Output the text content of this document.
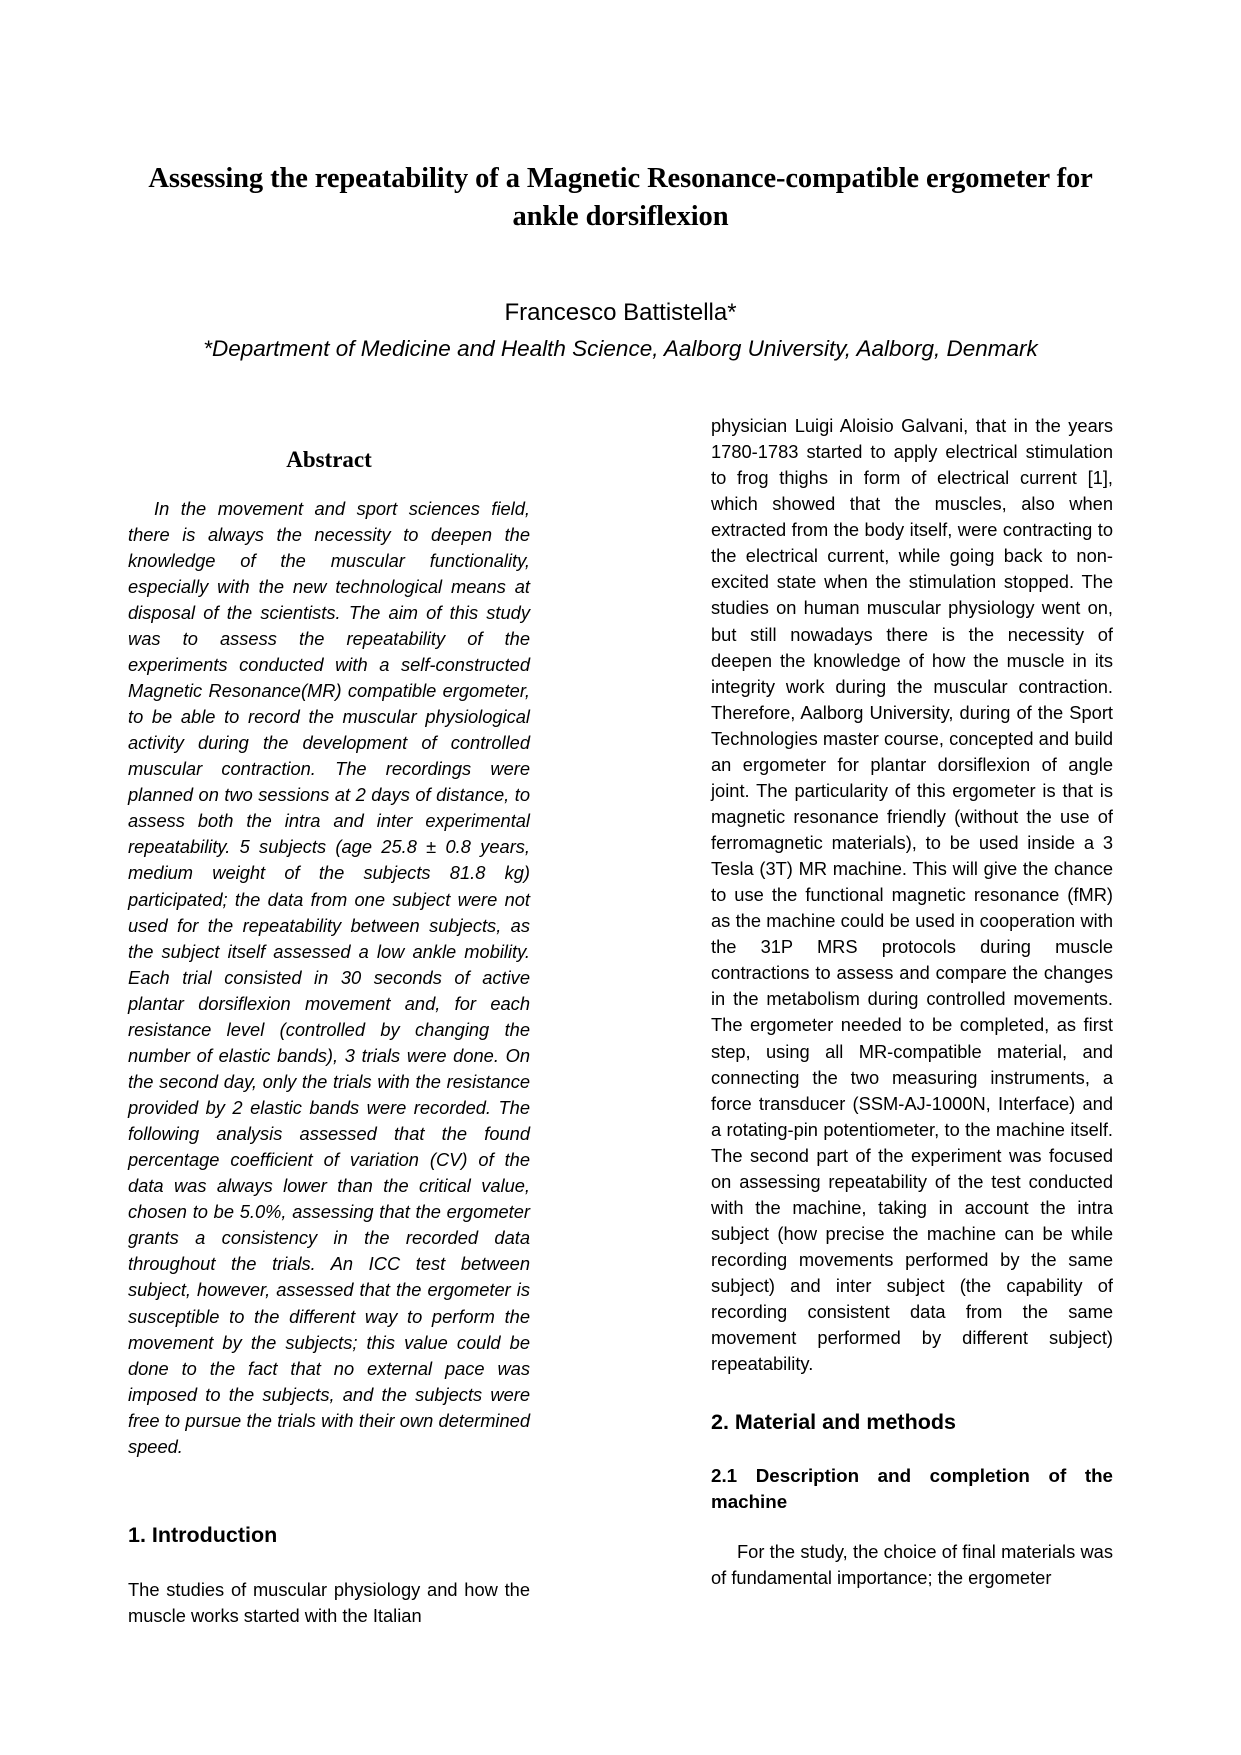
Assessing the repeatability of a Magnetic Resonance-compatible ergometer for ankle dorsiflexion

Francesco Battistella*

*Department of Medicine and Health Science, Aalborg University, Aalborg, Denmark

Abstract

In the movement and sport sciences field, there is always the necessity to deepen the knowledge of the muscular functionality, especially with the new technological means at disposal of the scientists. The aim of this study was to assess the repeatability of the experiments conducted with a self-constructed Magnetic Resonance(MR) compatible ergometer, to be able to record the muscular physiological activity during the development of controlled muscular contraction. The recordings were planned on two sessions at 2 days of distance, to assess both the intra and inter experimental repeatability. 5 subjects (age 25.8 ± 0.8 years, medium weight of the subjects 81.8 kg) participated; the data from one subject were not used for the repeatability between subjects, as the subject itself assessed a low ankle mobility. Each trial consisted in 30 seconds of active plantar dorsiflexion movement and, for each resistance level (controlled by changing the number of elastic bands), 3 trials were done. On the second day, only the trials with the resistance provided by 2 elastic bands were recorded. The following analysis assessed that the found percentage coefficient of variation (CV) of the data was always lower than the critical value, chosen to be 5.0%, assessing that the ergometer grants a consistency in the recorded data throughout the trials. An ICC test between subject, however, assessed that the ergometer is susceptible to the different way to perform the movement by the subjects; this value could be done to the fact that no external pace was imposed to the subjects, and the subjects were free to pursue the trials with their own determined speed.

1. Introduction

The studies of muscular physiology and how the muscle works started with the Italian

physician Luigi Aloisio Galvani, that in the years 1780-1783 started to apply electrical stimulation to frog thighs in form of electrical current [1], which showed that the muscles, also when extracted from the body itself, were contracting to the electrical current, while going back to non-excited state when the stimulation stopped. The studies on human muscular physiology went on, but still nowadays there is the necessity of deepen the knowledge of how the muscle in its integrity work during the muscular contraction. Therefore, Aalborg University, during of the Sport Technologies master course, concepted and build an ergometer for plantar dorsiflexion of angle joint. The particularity of this ergometer is that is magnetic resonance friendly (without the use of ferromagnetic materials), to be used inside a 3 Tesla (3T) MR machine. This will give the chance to use the functional magnetic resonance (fMR) as the machine could be used in cooperation with the 31P MRS protocols during muscle contractions to assess and compare the changes in the metabolism during controlled movements. The ergometer needed to be completed, as first step, using all MR-compatible material, and connecting the two measuring instruments, a force transducer (SSM-AJ-1000N, Interface) and a rotating-pin potentiometer, to the machine itself. The second part of the experiment was focused on assessing repeatability of the test conducted with the machine, taking in account the intra subject (how precise the machine can be while recording movements performed by the same subject) and inter subject (the capability of recording consistent data from the same movement performed by different subject) repeatability.

2. Material and methods
2.1 Description and completion of the machine

For the study, the choice of final materials was of fundamental importance; the ergometer
